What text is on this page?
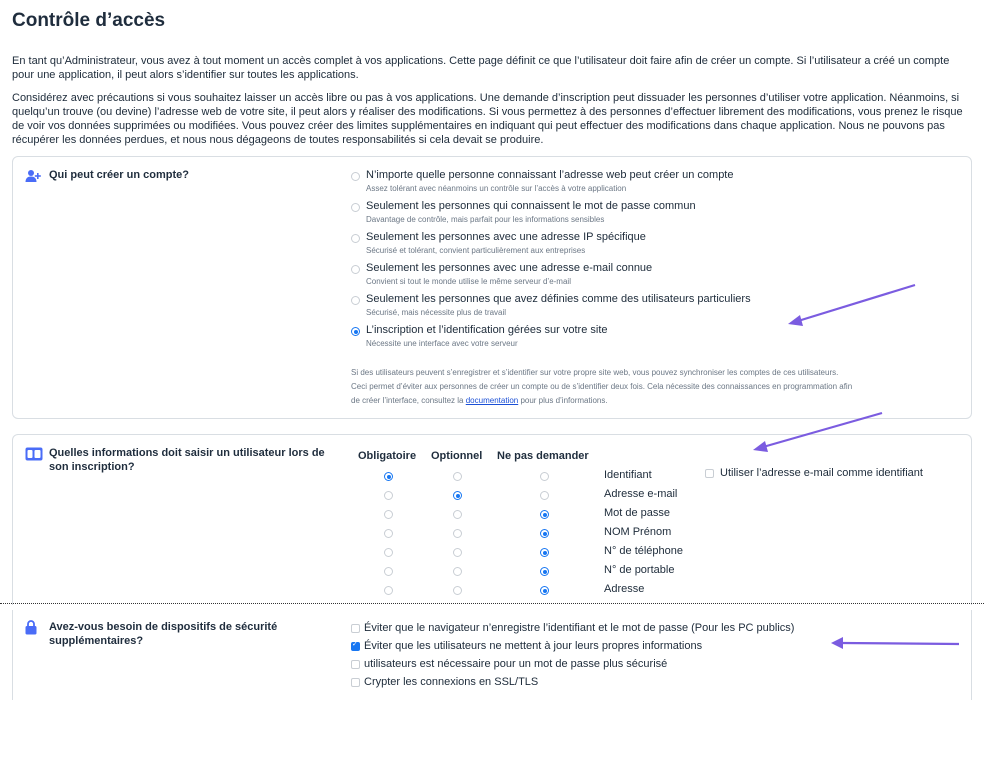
Contrôle d’accès

En tant qu’Administrateur, vous avez à tout moment un accès complet à vos applications. Cette page définit ce que l’utilisateur doit faire afin de créer un compte. Si l’utilisateur a créé un compte pour une application, il peut alors s’identifier sur toutes les applications.

Considérez avec précautions si vous souhaitez laisser un accès libre ou pas à vos applications. Une demande d’inscription peut dissuader les personnes d’utiliser votre application. Néanmoins, si quelqu’un trouve (ou devine) l’adresse web de votre site, il peut alors y réaliser des modifications. Si vous permettez à des personnes d’effectuer librement des modifications, vous prenez le risque de voir vos données supprimées ou modifiées. Vous pouvez créer des limites supplémentaires en indiquant qui peut effectuer des modifications dans chaque application. Nous ne pouvons pas récupérer les données perdues, et nous nous dégageons de toutes responsabilités si cela devait se produire.

Qui peut créer un compte?	N’importe quelle personne connaissant l’adresse web peut créer un compte
Assez tolérant avec néanmoins un contrôle sur l’accès à votre application
Seulement les personnes qui connaissent le mot de passe commun
Davantage de contrôle, mais parfait pour les informations sensibles
Seulement les personnes avec une adresse IP spécifique
Sécurisé et tolérant, convient particulièrement aux entreprises
Seulement les personnes avec une adresse e-mail connue
Convient si tout le monde utilise le même serveur d’e-mail
Seulement les personnes que avez définies comme des utilisateurs particuliers
Sécurisé, mais nécessite plus de travail
L’inscription et l’identification gérées sur votre site
Nécessite une interface avec votre serveur
Si des utilisateurs peuvent s’enregistrer et s’identifier sur votre propre site web, vous pouvez synchroniser les comptes de ces utilisateurs.
Ceci permet d’éviter aux personnes de créer un compte ou de s’identifier deux fois. Cela nécessite des connaissances en programmation afin
de créer l’interface, consultez la documentation pour plus d’informations.
Quelles informations doit saisir un utilisateur lors de son inscription?
Obligatoire Optionnel Ne pas demander
Identifiant
Adresse e-mail
Mot de passe
NOM Prénom
N° de téléphone
N° de portable
Adresse
Utiliser l’adresse e-mail comme identifiant
Avez-vous besoin de dispositifs de sécurité supplémentaires?
Éviter que le navigateur n’enregistre l’identifiant et le mot de passe (Pour les PC publics)
✓
Éviter que les utilisateurs ne mettent à jour leurs propres informations
utilisateurs est nécessaire pour un mot de passe plus sécurisé
Crypter les connexions en SSL/TLS
